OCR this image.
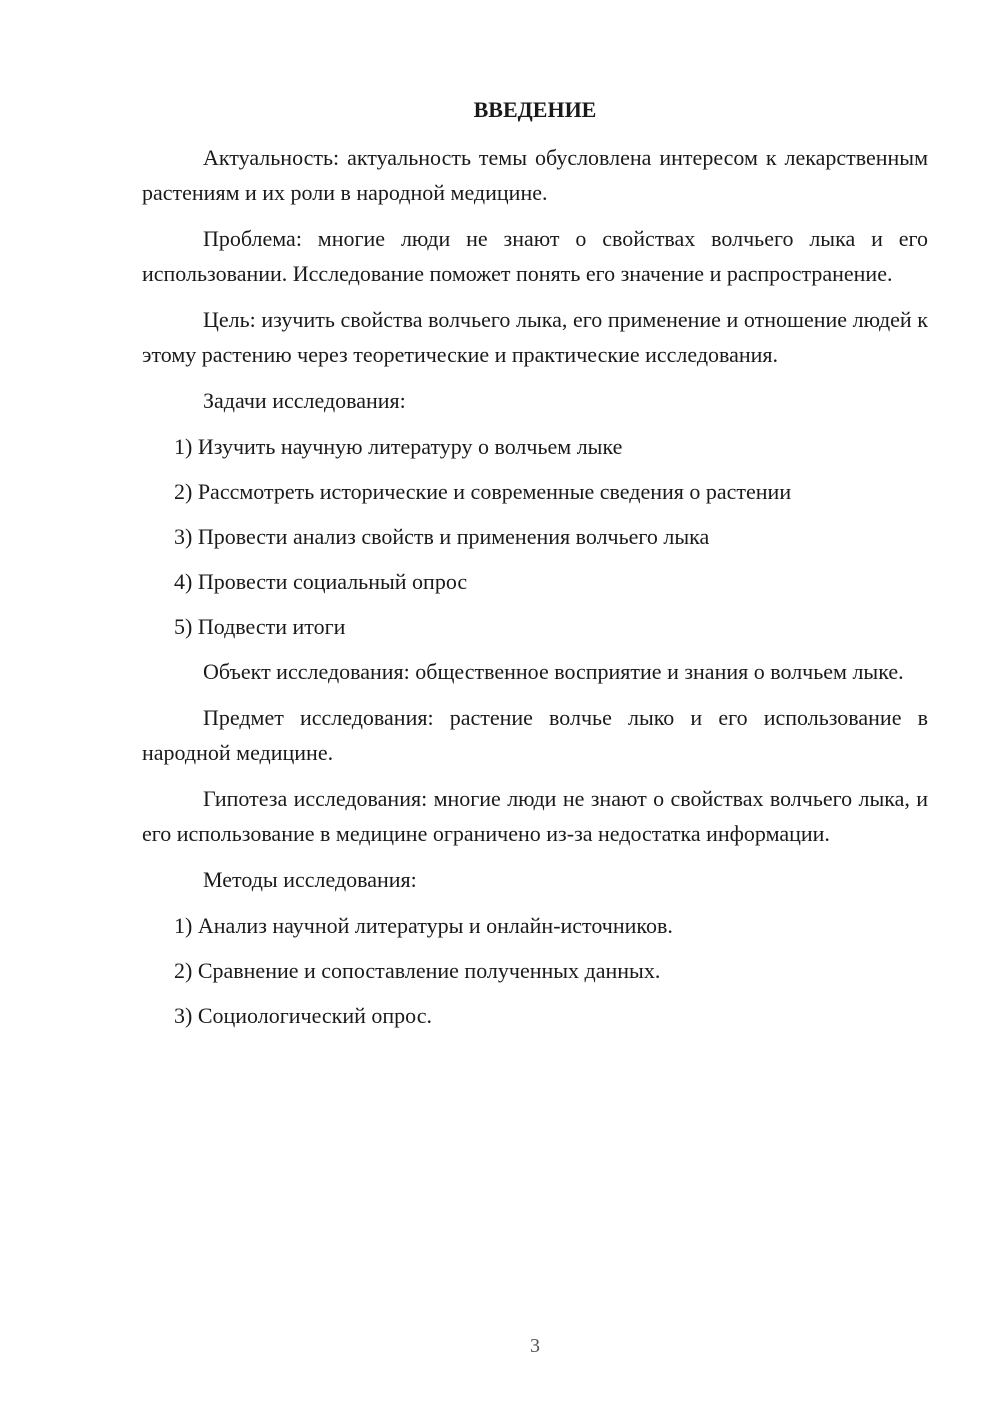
ВВЕДЕНИЕ

Актуальность: актуальность темы обусловлена интересом к лекарственным растениям и их роли в народной медицине.

Проблема: многие люди не знают о свойствах волчьего лыка и его использовании. Исследование поможет понять его значение и распространение.

Цель: изучить свойства волчьего лыка, его применение и отношение людей к этому растению через теоретические и практические исследования.

Задачи исследования:

1) Изучить научную литературу о волчьем лыке
2) Рассмотреть исторические и современные сведения о растении
3) Провести анализ свойств и применения волчьего лыка
4) Провести социальный опрос
5) Подвести итоги

Объект исследования: общественное восприятие и знания о волчьем лыке.

Предмет исследования: растение волчье лыко и его использование в народной медицине.

Гипотеза исследования: многие люди не знают о свойствах волчьего лыка, и его использование в медицине ограничено из-за недостатка информации.

Методы исследования:

1) Анализ научной литературы и онлайн-источников.
2) Сравнение и сопоставление полученных данных.
3) Социологический опрос.
3
